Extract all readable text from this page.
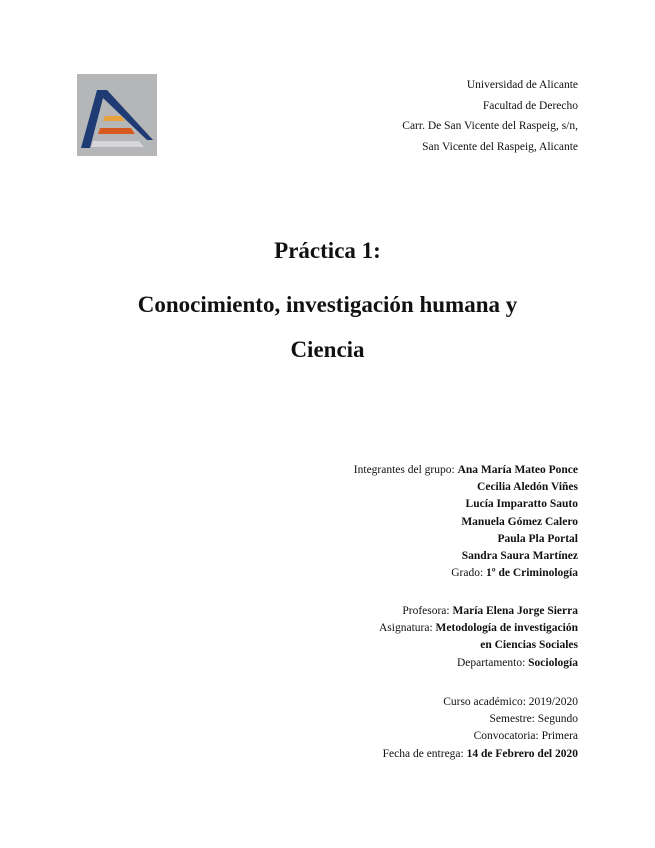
Universidad de Alicante
Facultad de Derecho
Carr. De San Vicente del Raspeig, s/n,
San Vicente del Raspeig, Alicante
Práctica 1:
Conocimiento, investigación humana y
Ciencia
Integrantes del grupo: Ana María Mateo Ponce
Cecilia Aledón Viñes
Lucía Imparatto Sauto
Manuela Gómez Calero
Paula Pla Portal
Sandra Saura Martínez
Grado: 1º de Criminología
Profesora: María Elena Jorge Sierra
Asignatura: Metodología de investigación
en Ciencias Sociales
Departamento: Sociología
Curso académico: 2019/2020
Semestre: Segundo
Convocatoria: Primera
Fecha de entrega: 14 de Febrero del 2020
